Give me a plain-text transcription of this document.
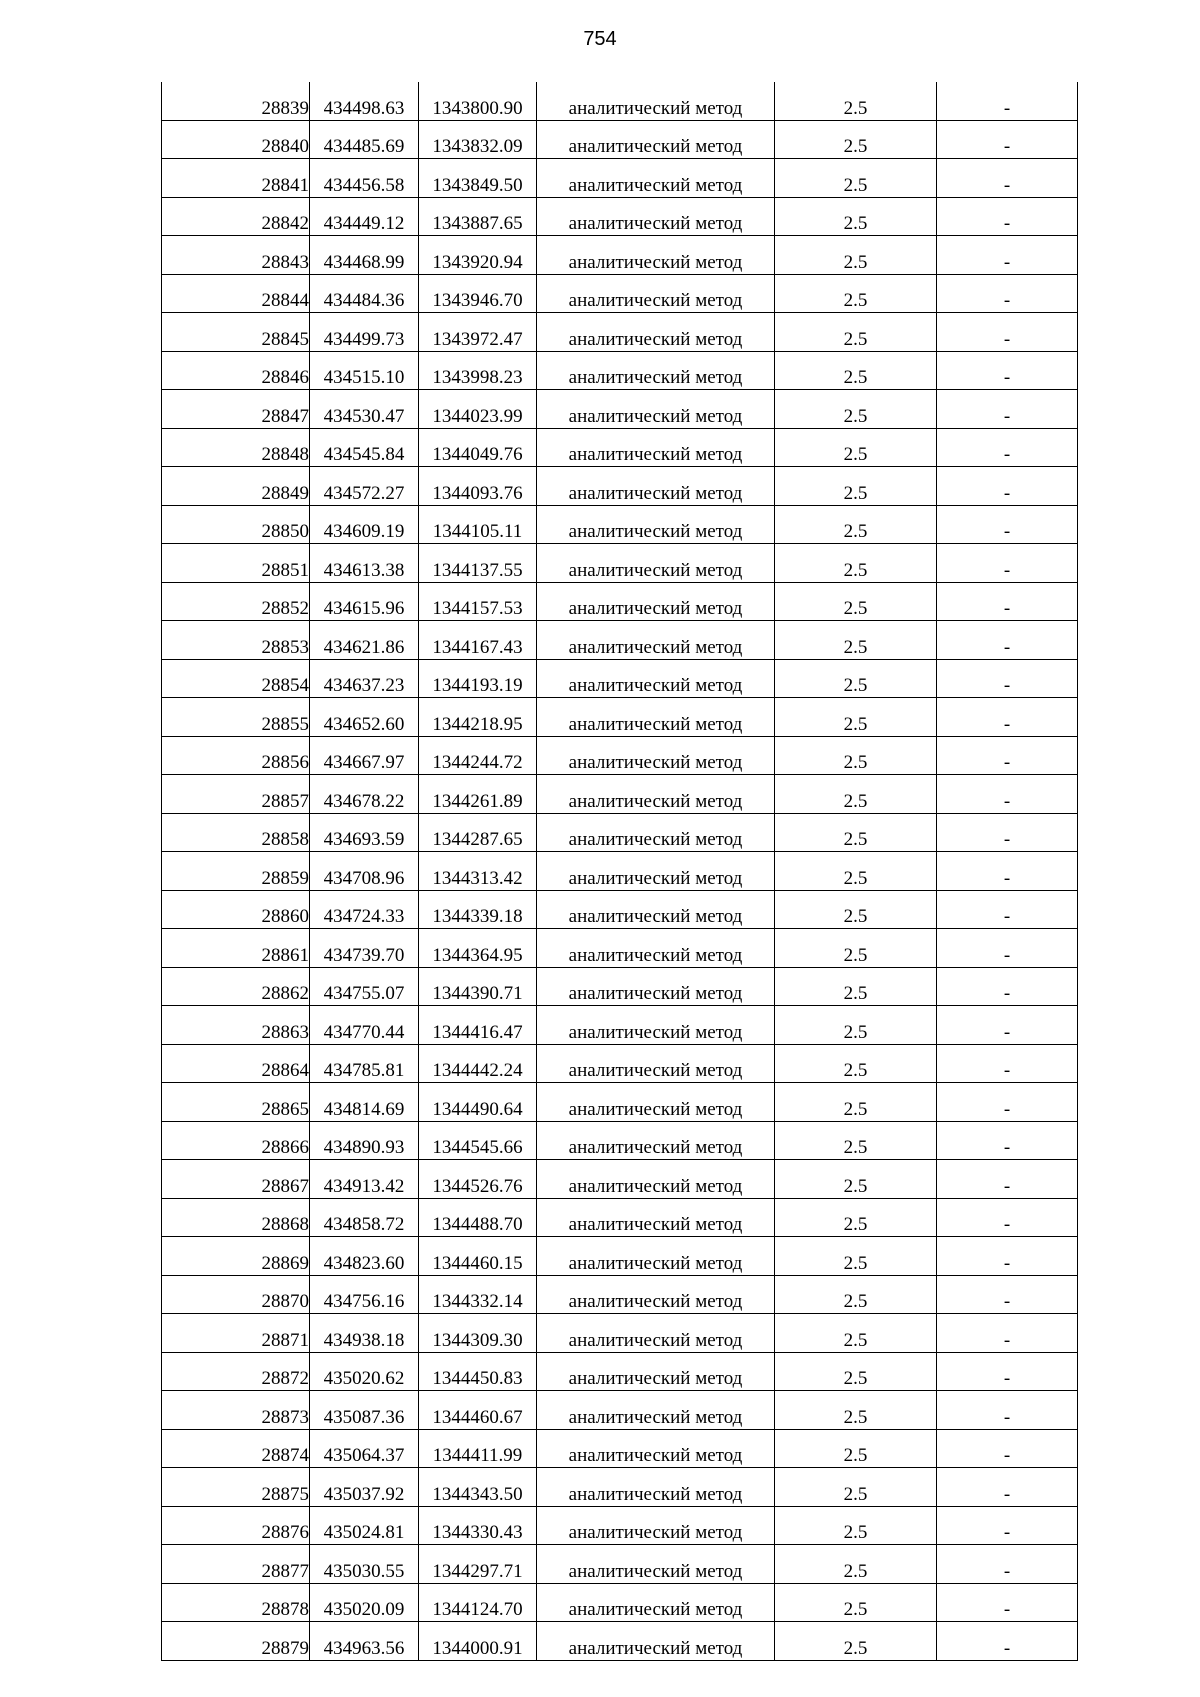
754
28839	434498.63	1343800.90	аналитический метод	2.5	-
28840	434485.69	1343832.09	аналитический метод	2.5	-
28841	434456.58	1343849.50	аналитический метод	2.5	-
28842	434449.12	1343887.65	аналитический метод	2.5	-
28843	434468.99	1343920.94	аналитический метод	2.5	-
28844	434484.36	1343946.70	аналитический метод	2.5	-
28845	434499.73	1343972.47	аналитический метод	2.5	-
28846	434515.10	1343998.23	аналитический метод	2.5	-
28847	434530.47	1344023.99	аналитический метод	2.5	-
28848	434545.84	1344049.76	аналитический метод	2.5	-
28849	434572.27	1344093.76	аналитический метод	2.5	-
28850	434609.19	1344105.11	аналитический метод	2.5	-
28851	434613.38	1344137.55	аналитический метод	2.5	-
28852	434615.96	1344157.53	аналитический метод	2.5	-
28853	434621.86	1344167.43	аналитический метод	2.5	-
28854	434637.23	1344193.19	аналитический метод	2.5	-
28855	434652.60	1344218.95	аналитический метод	2.5	-
28856	434667.97	1344244.72	аналитический метод	2.5	-
28857	434678.22	1344261.89	аналитический метод	2.5	-
28858	434693.59	1344287.65	аналитический метод	2.5	-
28859	434708.96	1344313.42	аналитический метод	2.5	-
28860	434724.33	1344339.18	аналитический метод	2.5	-
28861	434739.70	1344364.95	аналитический метод	2.5	-
28862	434755.07	1344390.71	аналитический метод	2.5	-
28863	434770.44	1344416.47	аналитический метод	2.5	-
28864	434785.81	1344442.24	аналитический метод	2.5	-
28865	434814.69	1344490.64	аналитический метод	2.5	-
28866	434890.93	1344545.66	аналитический метод	2.5	-
28867	434913.42	1344526.76	аналитический метод	2.5	-
28868	434858.72	1344488.70	аналитический метод	2.5	-
28869	434823.60	1344460.15	аналитический метод	2.5	-
28870	434756.16	1344332.14	аналитический метод	2.5	-
28871	434938.18	1344309.30	аналитический метод	2.5	-
28872	435020.62	1344450.83	аналитический метод	2.5	-
28873	435087.36	1344460.67	аналитический метод	2.5	-
28874	435064.37	1344411.99	аналитический метод	2.5	-
28875	435037.92	1344343.50	аналитический метод	2.5	-
28876	435024.81	1344330.43	аналитический метод	2.5	-
28877	435030.55	1344297.71	аналитический метод	2.5	-
28878	435020.09	1344124.70	аналитический метод	2.5	-
28879	434963.56	1344000.91	аналитический метод	2.5	-
